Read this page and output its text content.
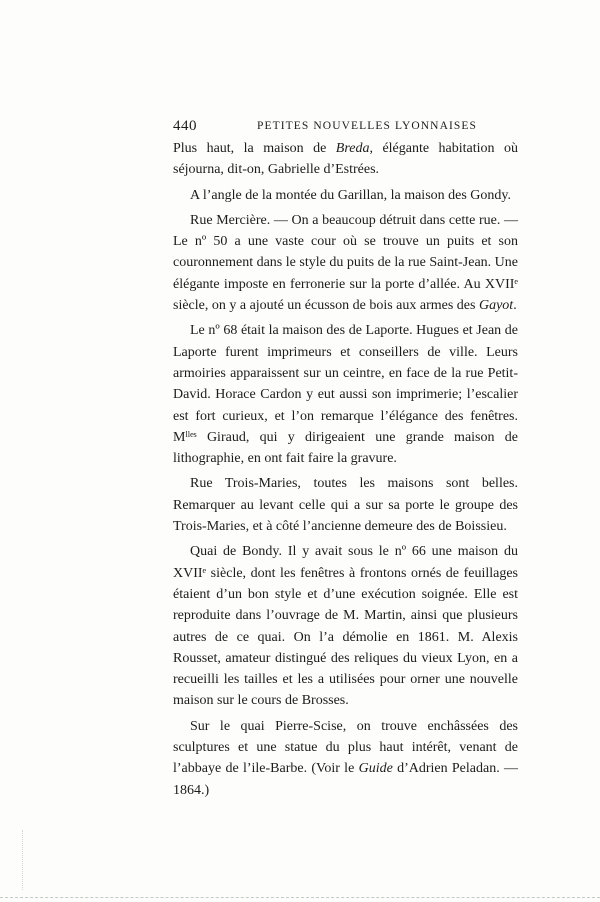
440	PETITES NOUVELLES LYONNAISES

Plus haut, la maison de Breda, élégante habitation où séjourna, dit-on, Gabrielle d’Estrées.

A l’angle de la montée du Garillan, la maison des Gondy.

Rue Mercière. — On a beaucoup détruit dans cette rue. — Le nº 50 a une vaste cour où se trouve un puits et son couronnement dans le style du puits de la rue Saint-Jean. Une élégante imposte en ferronerie sur la porte d’allée. Au XVIIᵉ siècle, on y a ajouté un écusson de bois aux armes des Gayot.

Le nº 68 était la maison des de Laporte. Hugues et Jean de Laporte furent imprimeurs et conseillers de ville. Leurs armoiries apparaissent sur un ceintre, en face de la rue Petit-David. Horace Cardon y eut aussi son imprimerie; l’escalier est fort curieux, et l’on remarque l’élégance des fenêtres. Mˡˡᵉˢ Giraud, qui y dirigeaient une grande maison de lithographie, en ont fait faire la gravure.

Rue Trois-Maries, toutes les maisons sont belles. Remarquer au levant celle qui a sur sa porte le groupe des Trois-Maries, et à côté l’ancienne demeure des de Boissieu.

Quai de Bondy. Il y avait sous le nº 66 une maison du XVIIᵉ siècle, dont les fenêtres à frontons ornés de feuillages étaient d’un bon style et d’une exécution soignée. Elle est reproduite dans l’ouvrage de M. Martin, ainsi que plusieurs autres de ce quai. On l’a démolie en 1861. M. Alexis Rousset, amateur distingué des reliques du vieux Lyon, en a recueilli les tailles et les a utilisées pour orner une nouvelle maison sur le cours de Brosses.

Sur le quai Pierre-Scise, on trouve enchâssées des sculptures et une statue du plus haut intérêt, venant de l’abbaye de l’ile-Barbe. (Voir le Guide d’Adrien Peladan. — 1864.)
